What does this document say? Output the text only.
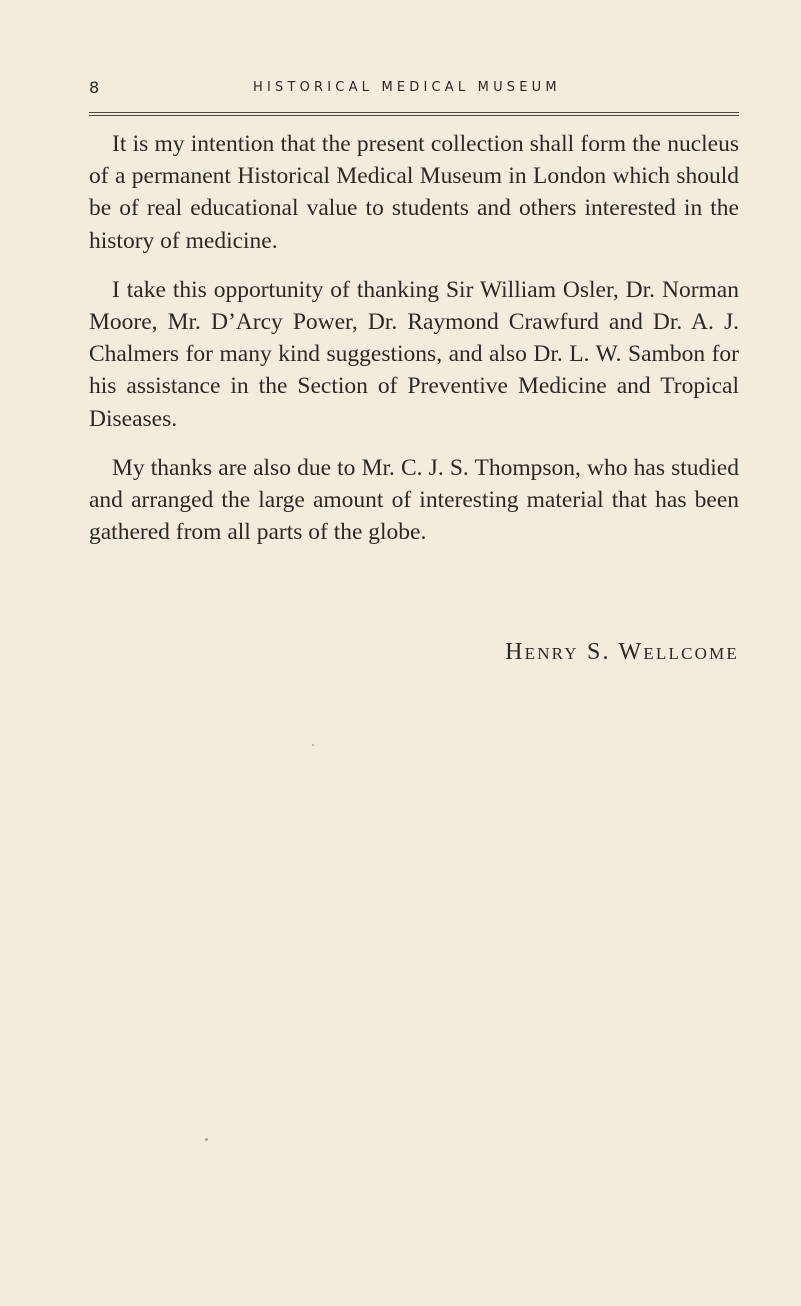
8	HISTORICAL MEDICAL MUSEUM

It is my intention that the present collection shall form the nucleus of a permanent Historical Medical Museum in London which should be of real educational value to students and others interested in the history of medicine.

I take this opportunity of thanking Sir William Osler, Dr. Norman Moore, Mr. D’Arcy Power, Dr. Raymond Crawfurd and Dr. A. J. Chalmers for many kind suggestions, and also Dr. L. W. Sambon for his assistance in the Section of Preventive Medicine and Tropical Diseases.

My thanks are also due to Mr. C. J. S. Thompson, who has studied and arranged the large amount of interesting material that has been gathered from all parts of the globe.

Henry S. Wellcome
